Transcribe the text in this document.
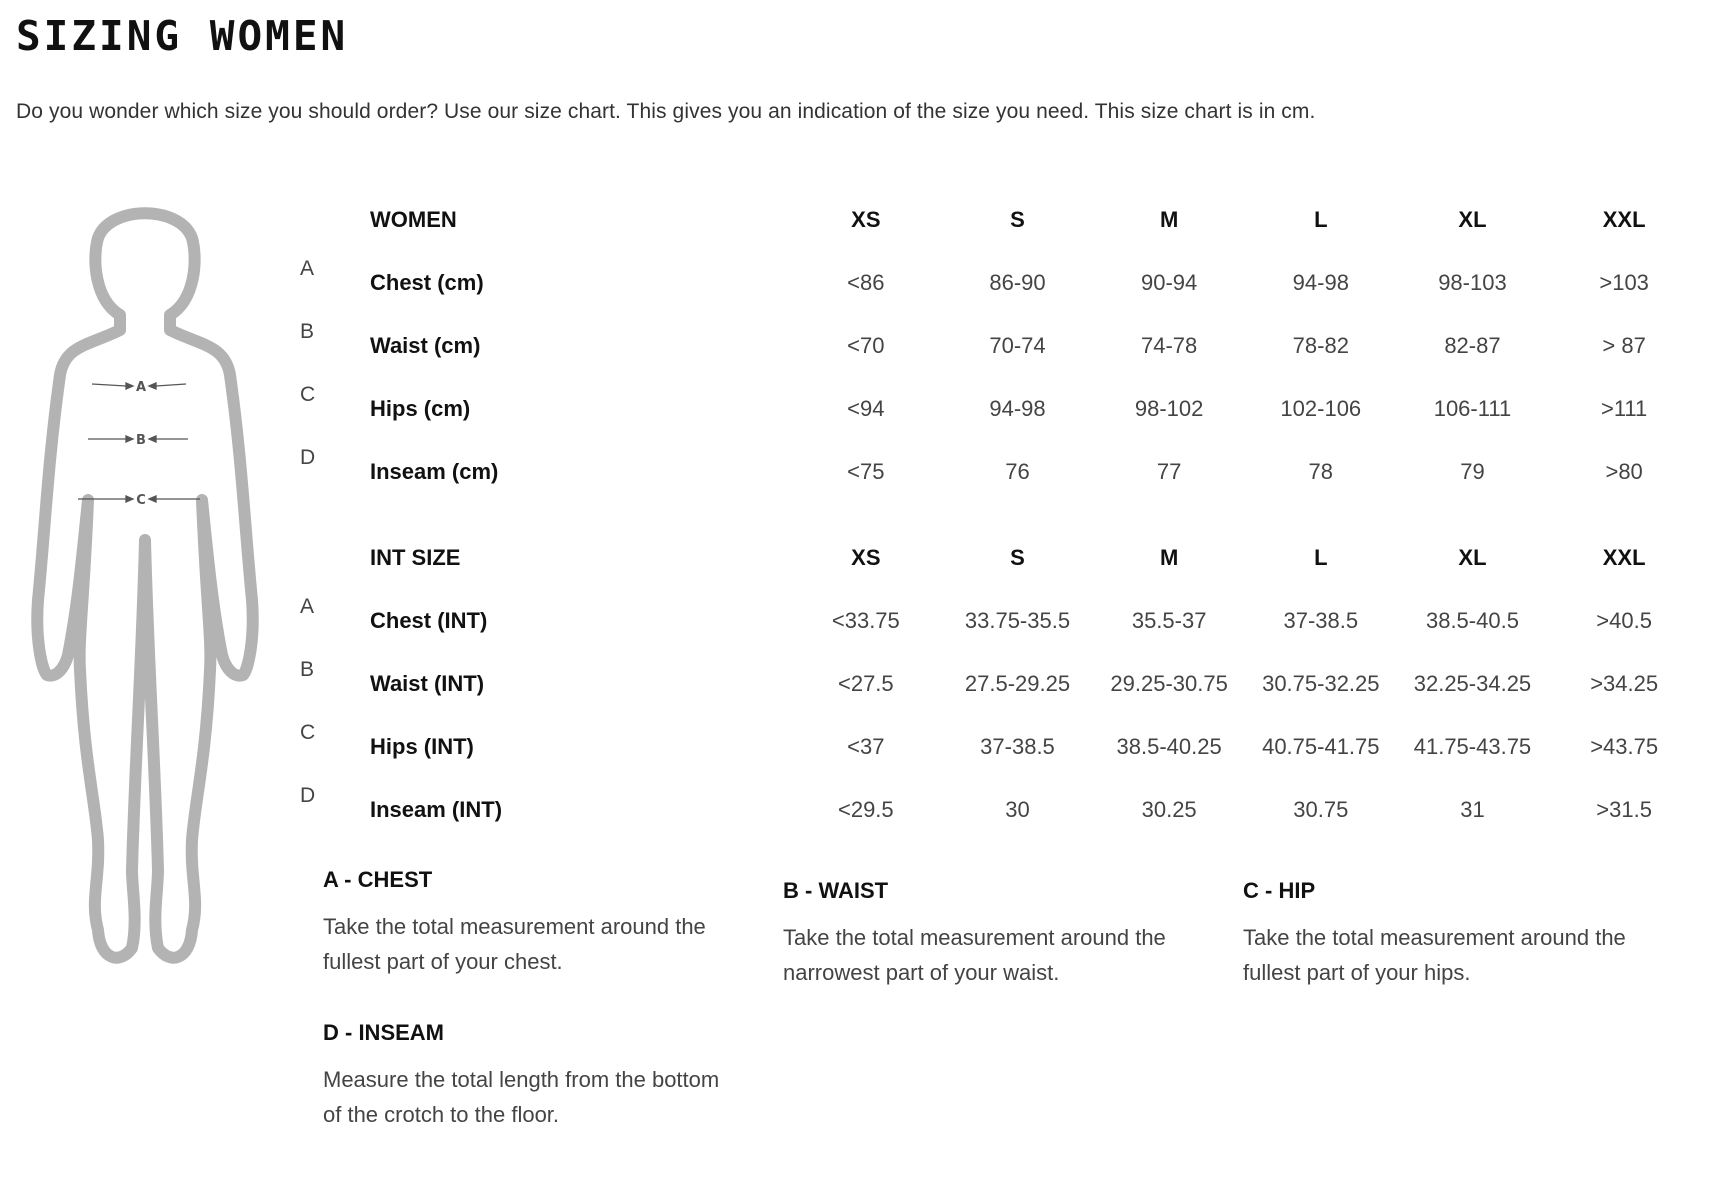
SIZING WOMEN

Do you wonder which size you should order? Use our size chart. This gives you an indication of the size you need. This size chart is in cm.

A
B
C
	WOMEN	XS	S	M	L	XL	XXL
A	Chest (cm)	<86	86-90	90-94	94-98	98-103	>103
B	Waist (cm)	<70	70-74	74-78	78-82	82-87	> 87
C	Hips (cm)	<94	94-98	98-102	102-106	106-111	>111
D	Inseam (cm)	<75	76	77	78	79	>80
	INT SIZE	XS	S	M	L	XL	XXL
A	Chest (INT)	<33.75	33.75-35.5	35.5-37	37-38.5	38.5-40.5	>40.5
B	Waist (INT)	<27.5	27.5-29.25	29.25-30.75	30.75-32.25	32.25-34.25	>34.25
C	Hips (INT)	<37	37-38.5	38.5-40.25	40.75-41.75	41.75-43.75	>43.75
D	Inseam (INT)	<29.5	30	30.25	30.75	31	>31.5
A - CHEST

Take the total measurement around the fullest part of your chest.

B - WAIST

Take the total measurement around the narrowest part of your waist.

C - HIP

Take the total measurement around the fullest part of your hips.

D - INSEAM

Measure the total length from the bottom of the crotch to the floor.
